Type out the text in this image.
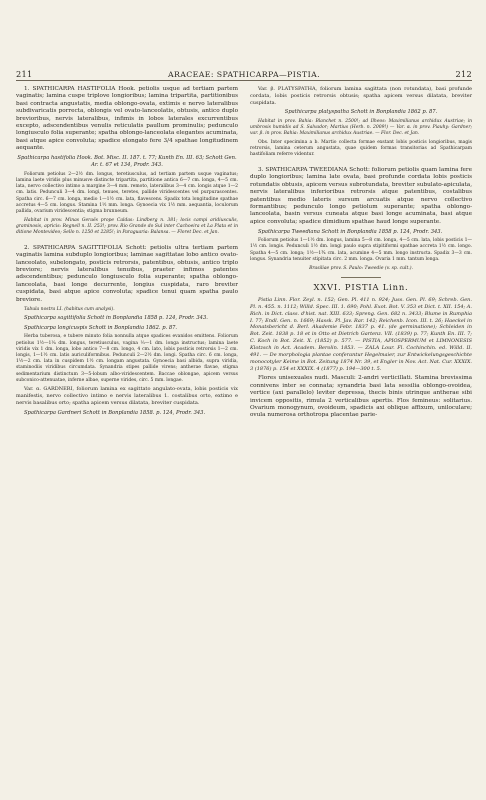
211	ARACEAE: SPATHICARPA—PISTIA.	212

1. SPATHICARPA HASTIFOLIA Hook. petiolis usque ad tertiam partem vaginatis; lamina cuspe triplove longioribus; lamina tripartita, partitionibus basi contracta angustatis, media oblongo-ovata, extimis e nervo lateralibus subdivaricatis porrecta, oblongis vel ovato-lanceolatis, obtusis, antico duplo brevioribus, nervis lateralibus, infimis in lobos laterales excurrentibus excepto, adscendentibus venulis reticulatis paullum prominulis; pedunculo longiusculo folia superante; spatha oblongo-lanceolata elegantes acuminata, basi atque apice convoluta; spadice elongato fere 3/4 spathae longitudinem aequante.

Spathicarpa hastifolia Hook. Bot. Misc. II. 187. t. 77; Kunth En. III. 63; Schott Gen. Ar. t. 67 et 134, Prodr. 343.

Foliorum petiolus 2—2½ dm. longus, teretiusculus, ad tertiam partem usque vaginatus; lamina laete viridis plus minusve distincte tripartita, partitione antica 6—7 cm. longa, 4—5 cm. lata, nervo collectivo intimo a margine 3—4 mm. remoto, lateralibus 3—4 cm. longis atque 1—2 cm. latis. Pedunculi 3—4 dm. longi, tenues, teretes, pallide viridescentes vel purpurascentes. Spatha circ. 6—7 cm. longa, medio 1—1½ cm. lata, flavescens. Spadix tota longitudine spathae accretus 4—5 cm. longus. Stamina 1½ mm. longa. Gynoecia vix 1½ mm. aequantia, loculorum pallida, ovarium viridescentia; stigma brunneum.

Habitat in prov. Minas Geraës prope Caldas: Lindberg n. 381; locis campi aridiusculis, graminosis, apricis: Regnell n. II. 253!; prov. Rio Grande do Sul inter Cachoeira et La Plata et in ditione Montevideo; Sello n. 1250 et 2285!; in Paraguaria: Balansa. — Floret Dec. et Jan.

2. SPATHICARPA SAGITTIFOLIA Schott: petiolis ultra tertiam partem vaginatis lamina subduplo longioribus; laminae sagittatae lobo antico ovato-lanceolato, subelongato, posticis retrorsis, patentibus, obtusis, antico triplo breviore; nervis lateralibus tenuibus, praeter infimos patentes adscendentibus; pedunculo longiusculo folia superante; spatha oblongo-lanceolata, basi longe decurrente, longius cuspidata, raro breviter cuspidata, basi atque apice convoluta; spadice tenui quam spatha paulo breviore.

Tabula nostra LI. (habitus cum analysi).

Spathicarpa sagittifolia Schott in Bonplandia 1858 p. 124, Prodr. 343.

Spathicarpa longicuspis Schott in Bonplandia 1862. p. 87.

Herba tuberosa, e tubere minuto folia nonnulla atque spadices evanidos emittens. Foliorum petiolus 1½—1¼ dm. longus, teretiusculus, vagina ⅓—1 dm. longa instructus; lamina laete viridis vix 1 dm. longa, lobo antico 7—8 cm. longo, 4 cm. lato, lobis posticis retrorsis 1—2 cm. longis, 1—1½ cm. latis auriculiformibus. Pedunculi 2—2½ dm. longi. Spatha circ. 6 cm. longa, 1½—2 cm. lata in cuspidem 1½ cm. longam angustata. Gynoecia basi albida, supra viridia, staminodiis viridibus circumdata. Synandria stipes pallide virens; antherae flavae, stigma sedimentarium distinctum 3—5-lobum albo-viridescentem. Baccae oblongae, apicem versus subconico-attenuatae, inferne albae, superne virides, circ. 5 mm. longae.

Var. α. GARDNERI, foliorum lamina ex sagittato angulato-ovata, lobis posticis vix manifestis, nervo collectivo intimo e nervis lateralibus 1. costalibus orto, extimo e nervis basalibus orto; spatha apicem versus dilatata, breviter cuspidata.

Spathicarpa Gardneri Schott in Bonplandia 1858. p. 124, Prodr. 343.

Var. β. PLATYSPATHA, foliorum lamina sagittata (non rotundata), basi profunde cordata, lobis posticis retrorsis obtusis; spatha apicem versus dilatata, breviter cuspidata.

Spathicarpa platyspatha Schott in Bonplandia 1862 p. 87.

Habitat in prov. Bahia: Blanchet n. 2500!; ad Ilheos: Maximilianus archidux Austriae; in umbrosis humidis ad S. Salvador; Martius (Herb. n. 2009!) — Var. α. in prov. Piauhy: Gardner; var. β. in prov. Bahia: Maximilianus archidux Austriae. — Flor. Dec. et Jan.

Obs. Inter specimina a b. Martio collecta formae exstant lobis posticis longioribus, magis retrorsis, lamina ceterum angustata, quae quidem formas transitorias ad Spathicarpam hastifoliam referre videntur.

3. SPATHICARPA TWEEDIANA Schott: foliorum petiolis quam lamina fere duplo longioribus; lamina late ovata, basi profunde cordata lobis posticis rotundatis obtusis, apicem versus subrotundata, breviter subulato-apiculata, nervis lateralibus inferioribus retrorsis atque patentibus, costalibus patentibus medio lateris sursum arcuatis atque nervo collectivo formantibus; pedunculo longo petiolum superante; spatha oblongo-lanceolata, basin versus cuneata atque basi longe acuminata, basi atque apice convoluta; spadice dimidium spathae haud longe superante.

Spathicarpa Tweediana Schott in Bonplandia 1858 p. 124, Prodr. 343.

Foliorum petiolus 1—1½ dm. longus, lamina 5—8 cm. longa, 4—5 cm. lata, lobis posticis 1—1½ cm. longis. Pedunculi 1½ dm. longi paulo supra stipitiformi spathae accreta 1½ cm. longo. Spatha 4—5 cm. longa; 1½—1¾ cm. lata, acumine 4—5 mm. longo instructa. Spadix 3—3 cm. longus. Synandria tenuiter stipitata circ. 2 mm. longa. Ovaria 1 mm. tantum longa.

Brasiliae prov. S. Paulo: Tweedie (v. sp. cult.).

XXVI. PISTIA Linn.

Pistia Linn. Flor. Zeyl. n. 152; Gen. Pl. 411 n. 924; Juss. Gen. Pl. 69; Schreb. Gen. Pl. n. 455. n. 1112; Willd. Spec. III. 1. 690; Pohl. Exot. Bot. V. 353 et Dict. t. XII. 154; A. Rich. in Dict. class. d'hist. nat. XIII. 633; Spreng. Gen. 682 n. 3433; Blume in Rumphia I. 77; Endl. Gen. n. 1669; Hassk. Pl. Jav. Rar. 142; Reichenb. Icon. III. t. 26; Haeckel in Monatsbericht d. Berl. Akademie Febr. 1837 p. 41. (de germinatione); Schleiden in Bot. Zeit. 1838 p. 18 et in Otto et Dietrich Gartenz. VII. (1839) p. 77; Kunth En. III. 7; C. Koch in Bot. Zeit. X. (1852) p. 577. — PISTIA, APIOSPERMUM et LIMNONESIS Klotzsch in Act. Academ. Berolin. 1853. — ZALA Lour. Fl. Cochinchin. ed. Willd. II. 491. — De morphologia plantae conferantur Hegelmaier, zur Entwickelungsgeschichte monocotyler Keime in Bot. Zeitung 1874 Nr. 39, et Engler in Nov. Act. Nat. Cur. XXXIX. 3 (1876) p. 154 et XXXIX. 4 (1877) p. 194—300 t. 5.

Flores unisexuales nudi. Masculi: 2-andri verticillati. Stamina brevissima connivens inter se connata; synandria basi lata sessilia oblongo-ovoidea, vertice (axi parallelo) leviter depressa, thecis binis utrinque antherae sibi invicem oppositis, rimula 2 verticalibus apertis. Flos femineus: solitarius. Ovarium monogynum, ovoideum, spadicis axi oblique affixum, uniloculare; ovula numerosa orthotropa placentae parie-
